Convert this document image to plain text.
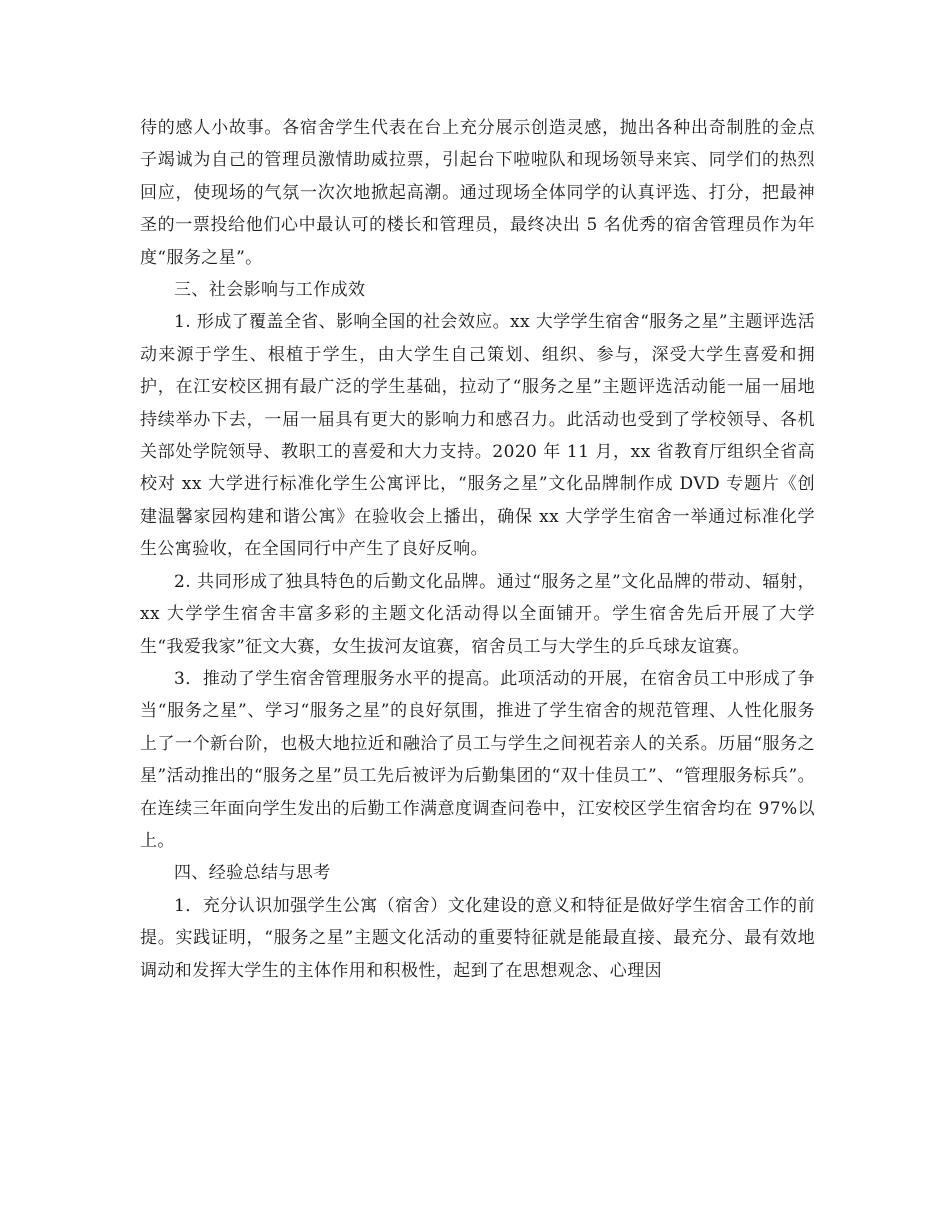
待的感人小故事。各宿舍学生代表在台上充分展示创造灵感，抛出各种出奇制胜的金点子竭诚为自己的管理员激情助威拉票，引起台下啦啦队和现场领导来宾、同学们的热烈回应，使现场的气氛一次次地掀起高潮。通过现场全体同学的认真评选、打分，把最神圣的一票投给他们心中最认可的楼长和管理员，最终决出 5 名优秀的宿舍管理员作为年度“服务之星”。

三、社会影响与工作成效

1. 形成了覆盖全省、影响全国的社会效应。xx 大学学生宿舍“服务之星”主题评选活动来源于学生、根植于学生，由大学生自己策划、组织、参与，深受大学生喜爱和拥护，在江安校区拥有最广泛的学生基础，拉动了“服务之星”主题评选活动能一届一届地持续举办下去，一届一届具有更大的影响力和感召力。此活动也受到了学校领导、各机关部处学院领导、教职工的喜爱和大力支持。2020 年 11 月，xx 省教育厅组织全省高校对 xx 大学进行标准化学生公寓评比，“服务之星”文化品牌制作成 DVD 专题片《创建温馨家园构建和谐公寓》在验收会上播出，确保 xx 大学学生宿舍一举通过标准化学生公寓验收，在全国同行中产生了良好反响。

2. 共同形成了独具特色的后勤文化品牌。通过“服务之星”文化品牌的带动、辐射，xx 大学学生宿舍丰富多彩的主题文化活动得以全面铺开。学生宿舍先后开展了大学生“我爱我家”征文大赛，女生拔河友谊赛，宿舍员工与大学生的乒乓球友谊赛。

3．推动了学生宿舍管理服务水平的提高。此项活动的开展，在宿舍员工中形成了争当“服务之星”、学习“服务之星”的良好氛围，推进了学生宿舍的规范管理、人性化服务上了一个新台阶，也极大地拉近和融洽了员工与学生之间视若亲人的关系。历届“服务之星”活动推出的“服务之星”员工先后被评为后勤集团的“双十佳员工”、“管理服务标兵”。在连续三年面向学生发出的后勤工作满意度调查问卷中，江安校区学生宿舍均在 97%以上。

四、经验总结与思考

1．充分认识加强学生公寓（宿舍）文化建设的意义和特征是做好学生宿舍工作的前提。实践证明，“服务之星”主题文化活动的重要特征就是能最直接、最充分、最有效地调动和发挥大学生的主体作用和积极性，起到了在思想观念、心理因
